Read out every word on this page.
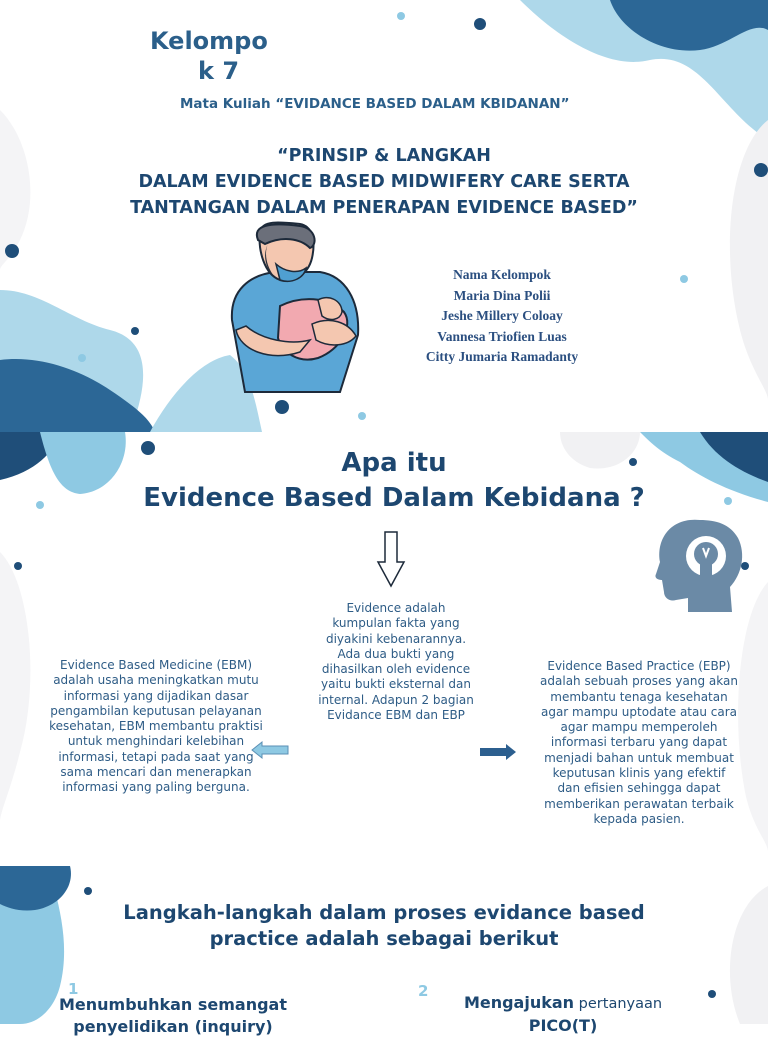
Kelompo
k 7
Mata Kuliah “EVIDANCE BASED DALAM KBIDANAN”
“PRINSIP & LANGKAH
DALAM EVIDENCE BASED MIDWIFERY CARE SERTA
TANTANGAN DALAM PENERAPAN EVIDENCE BASED”
Nama Kelompok
Maria Dina Polii
Jeshe Millery Coloay
Vannesa Triofien Luas
Citty Jumaria Ramadanty
Apa itu
Evidence Based Dalam Kebidana ?
Evidence adalah kumpulan fakta yang diyakini kebenarannya. Ada dua bukti yang dihasilkan oleh evidence yaitu bukti eksternal dan internal. Adapun 2 bagian Evidance EBM dan EBP
Evidence Based Medicine (EBM) adalah usaha meningkatkan mutu informasi yang dijadikan dasar pengambilan keputusan pelayanan kesehatan, EBM membantu praktisi untuk menghindari kelebihan informasi, tetapi pada saat yang sama mencari dan menerapkan informasi yang paling berguna.
Evidence Based Practice (EBP) adalah sebuah proses yang akan membantu tenaga kesehatan agar mampu uptodate atau cara agar mampu memperoleh informasi terbaru yang dapat menjadi bahan untuk membuat keputusan klinis yang efektif dan efisien sehingga dapat memberikan perawatan terbaik kepada pasien.
Langkah-langkah dalam proses evidance based
practice adalah sebagai berikut
1
Menumbuhkan semangat
penyelidikan (inquiry)
2
Mengajukan pertanyaan
PICO(T)
